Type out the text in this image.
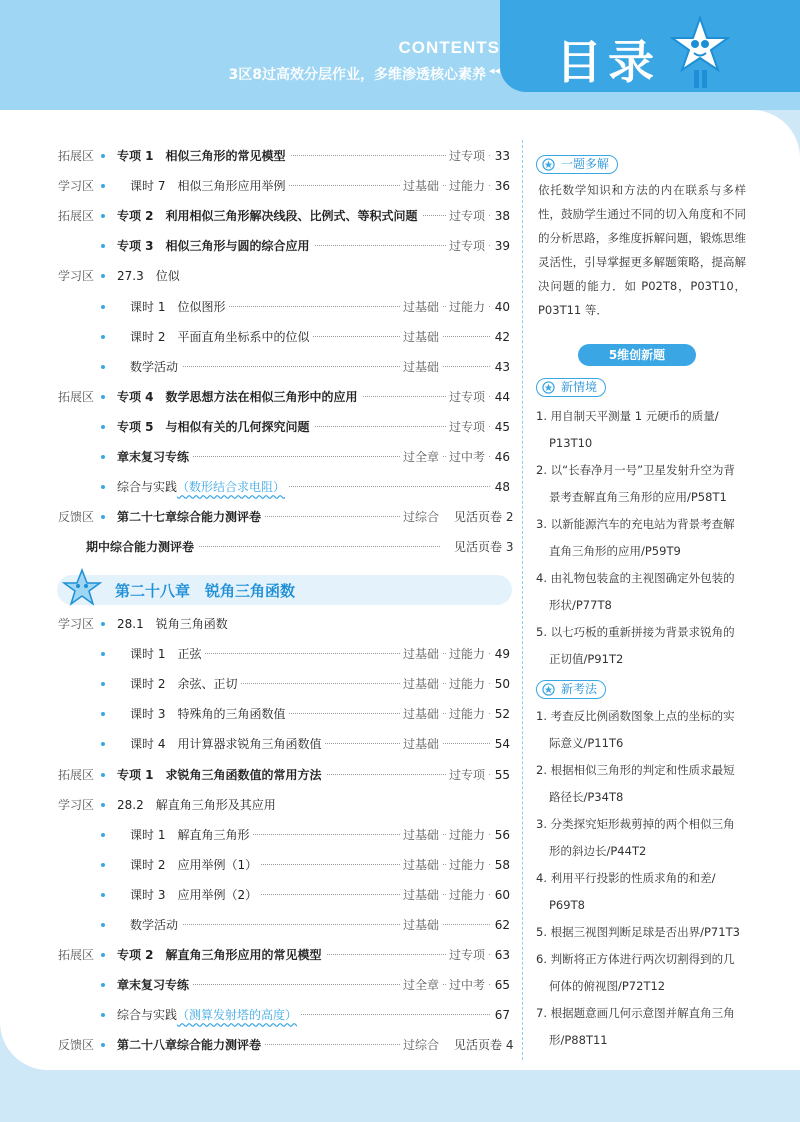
CONTENTS
3区8过高效分层作业，多维渗透核心素养 ◂◂ 目录
拓展区 专项 1　相似三角形的常见模型	过专项 33
学习区	课时 7　相似三角形应用举例	过基础 过能力 36
拓展区 专项 2　利用相似三角形解决线段、比例式、等积式问题	过专项 38
专项 3　相似三角形与圆的综合应用	过专项 39
学习区 27.3　位似
课时 1　位似图形	过基础 过能力 40
课时 2　平面直角坐标系中的位似	过基础	42
数学活动	过基础	43
拓展区 专项 4　数学思想方法在相似三角形中的应用	过专项 44
专项 5　与相似有关的几何探究问题	过专项 45
章末复习专练	过全章 过中考 46
综合与实践（数形结合求电阻）	48
反馈区 第二十七章综合能力测评卷	过综合	见活页卷 2
期中综合能力测评卷	见活页卷 3
学习区 28.1　锐角三角函数
课时 1　正弦	过基础 过能力 49
课时 2　余弦、正切	过基础 过能力 50
课时 3　特殊角的三角函数值	过基础 过能力 52
课时 4　用计算器求锐角三角函数值	过基础	54
拓展区 专项 1　求锐角三角函数值的常用方法	过专项 55
学习区 28.2　解直角三角形及其应用
课时 1　解直角三角形	过基础 过能力 56
课时 2　应用举例（1）	过基础 过能力 58
课时 3　应用举例（2）	过基础 过能力 60
数学活动	过基础	62
拓展区 专项 2　解直角三角形应用的常见模型	过专项 63
章末复习专练	过全章 过中考 65
综合与实践（测算发射塔的高度）	67
反馈区 第二十八章综合能力测评卷	过综合	见活页卷 4
第二十八章　锐角三角函数
一题多解
依托数学知识和方法的内在联系与多样性，鼓励学生通过不同的切入角度和不同的分析思路，多维度拆解问题，锻炼思维灵活性，引导掌握更多解题策略，提高解决问题的能力．如 P02T8，P03T10，P03T11 等．
5维创新题
新情境
1. 用自制天平测量 1 元硬币的质量/
P13T10
2. 以“长春净月一号”卫星发射升空为背
景考查解直角三角形的应用/P58T1
3. 以新能源汽车的充电站为背景考查解
直角三角形的应用/P59T9
4. 由礼物包装盒的主视图确定外包装的
形状/P77T8
5. 以七巧板的重新拼接为背景求锐角的
正切值/P91T2
新考法
1. 考查反比例函数图象上点的坐标的实
际意义/P11T6
2. 根据相似三角形的判定和性质求最短
路径长/P34T8
3. 分类探究矩形裁剪掉的两个相似三角
形的斜边长/P44T2
4. 利用平行投影的性质求角的和差/
P69T8
5. 根据三视图判断足球是否出界/P71T3
6. 判断将正方体进行两次切割得到的几
何体的俯视图/P72T12
7. 根据题意画几何示意图并解直角三角
形/P88T11
